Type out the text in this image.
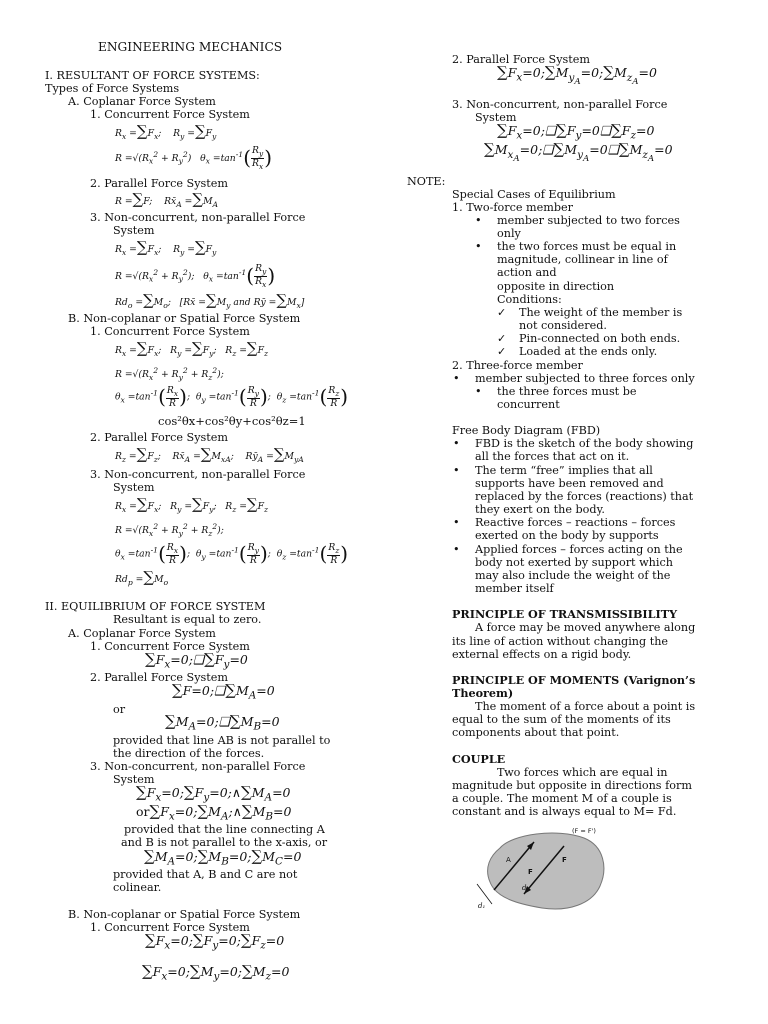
ENGINEERING MECHANICS
I. RESULTANT OF FORCE SYSTEMS:
Types of Force Systems
A. Coplanar Force System
1. Concurrent Force System
$R_x =\sum F_x$;    $R_y =\sum F_y$
$R =√(R_x^2 + R_y^2)$   $\theta_x =\tan^{-1}( \frac{R_y}{R_x}$ )
2. Parallel Force System
R =∑F;    $Rx̄_A =\sum M_A$
3. Non-concurrent, non-parallel Force
System
$R_x =\sum F_x$;    $R_y =\sum F_y$
$R =√(R_x^2 + R_y^2)$;   $\theta_x =\tan^{-1}( \frac{R_y}{R_x}$ )
$Rd_o =\sum M_o$;   [Rx̄ $=\sum M_y$ and Rȳ $=\sum M_x$]
B. Non-coplanar or Spatial Force System
1. Concurrent Force System
$R_x =\sum F_x$;   $R_y =\sum F_y$;   $R_z =\sum F_z$
$R =√(R_x^2 + R_y^2 + R_z^2)$;
$\theta_x =\tan^{-1}( \frac{R_x}{R}$ );  $\theta_y =\tan^{-1}( \frac{R_y}{R}$ );  $\theta_z =\tan^{-1}( \frac{R_z}{R}$ )
cos²θx+cos²θy+cos²θz=1
2. Parallel Force System
$R_z =\sum F_z$;    $Rx̄_A =\sum M_{xA}$;    $Rȳ_A =\sum M_{yA}$
3. Non-concurrent, non-parallel Force
System
$R_x =\sum F_x$;   $R_y =\sum F_y$;   $R_z =\sum F_z$
$R =√(R_x^2 + R_y^2 + R_z^2)$;
$\theta_x =\tan^{-1}( \frac{R_x}{R}$ );  $\theta_y =\tan^{-1}( \frac{R_y}{R}$ );  $\theta_z =\tan^{-1}( \frac{R_z}{R}$ )
$Rd_p =\sum M_o$
II. EQUILIBRIUM OF FORCE SYSTEM
Resultant is equal to zero.
A. Coplanar Force System
1. Concurrent Force System
$\sum F_x=0;❑\sum F_y=0$
2. Parallel Force System
$\sum F=0;❑\sum M_A=0$
or
$\sum M_A=0;❑\sum M_B=0$
provided that line AB is not parallel to
the direction of the forces.
3. Non-concurrent, non-parallel Force
System
$\sum F_x=0;\sum F_y=0;\wedge\sum M_A=0$
$or\sum F_x=0;\sum M_A;\wedge\sum M_B=0$
provided that the line connecting A
and B is not parallel to the x-axis, or
$\sum M_A=0;\sum M_B=0;\sum M_C=0$
provided that A, B and C are not
colinear.
B. Non-coplanar or Spatial Force System
1. Concurrent Force System
$\sum F_x=0;\sum F_y=0;\sum F_z=0$
$\sum F_x=0;\sum M_y=0;\sum M_z=0$
2. Parallel Force System
$\sum F_x=0;\sum M_{y_A}=0;\sum M_{z_A}=0$
3. Non-concurrent, non-parallel Force
System
$\sum F_x=0;❑\sum F_y=0❑\sum F_z=0$
$\sum M_{x_A}=0;❑\sum M_{y_A}=0❑\sum M_{z_A}=0$
NOTE:
Special Cases of Equilibrium
1. Two-force member
• member subjected to two forces
only
• the two forces must be equal in
magnitude, collinear in line of
action and
opposite in direction
Conditions:
✓ The weight of the member is
not considered.
✓ Pin-connected on both ends.
✓ Loaded at the ends only.
2. Three-force member
• member subjected to three forces only
• the three forces must be
concurrent
Free Body Diagram (FBD)
• FBD is the sketch of the body showing
all the forces that act on it.
• The term “free” implies that all
supports have been removed and
replaced by the forces (reactions) that
they exert on the body.
• Reactive forces – reactions – forces
exerted on the body by supports
• Applied forces – forces acting on the
body not exerted by support which
may also include the weight of the
member itself
PRINCIPLE OF TRANSMISSIBILITY
A force may be moved anywhere along
its line of action without changing the
external effects on a rigid body.
PRINCIPLE OF MOMENTS (Varignon’s
Theorem)
The moment of a force about a point is
equal to the sum of the moments of its
components about that point.
COUPLE
Two forces which are equal in
magnitude but opposite in directions form
a couple. The moment M of a couple is
constant and is always equal to M= Fd.
(F = F')
A	F
F
d
d₁
